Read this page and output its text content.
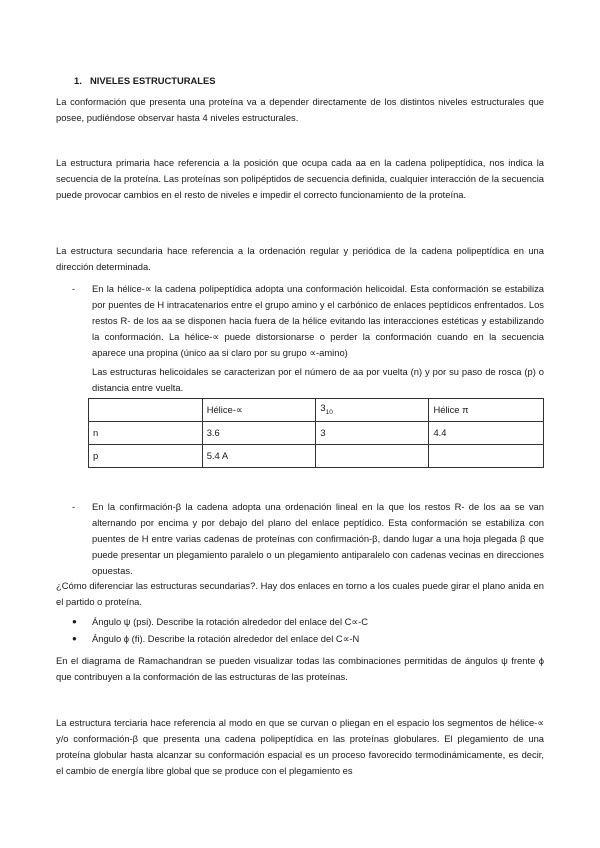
1. NIVELES ESTRUCTURALES

La conformación que presenta una proteína va a depender directamente de los distintos niveles estructurales que posee, pudiéndose observar hasta 4 niveles estructurales.

La estructura primaria hace referencia a la posición que ocupa cada aa en la cadena polipeptídica, nos indica la secuencia de la proteína. Las proteínas son polipéptidos de secuencia definida, cualquier interacción de la secuencia puede provocar cambios en el resto de niveles e impedir el correcto funcionamiento de la proteína.

La estructura secundaria hace referencia a la ordenación regular y periódica de la cadena polipeptídica en una dirección determinada.

- En la hélice-∝ la cadena polipeptídica adopta una conformación helicoidal. Esta conformación se estabiliza por puentes de H intracatenarios entre el grupo amino y el carbónico de enlaces peptídicos enfrentados. Los restos R- de los aa se disponen hacia fuera de la hélice evitando las interacciones estéticas y estabilizando la conformación. La hélice-∝ puede distorsionarse o perder la conformación cuando en la secuencia aparece una propina (único aa si claro por su grupo ∝-amino)

Las estructuras helicoidales se caracterizan por el número de aa por vuelta (n) y por su paso de rosca (p) o distancia entre vuelta.

	Hélice-∝	$3_{10}$	Hélice π
n	3.6	3	4.4
p	5.4 A		
- En la confirmación-β la cadena adopta una ordenación lineal en la que los restos R- de los aa se van alternando por encima y por debajo del plano del enlace peptídico. Esta conformación se estabiliza con puentes de H entre varias cadenas de proteínas con confirmación-β, dando lugar a una hoja plegada β que puede presentar un plegamiento paralelo o un plegamiento antiparalelo con cadenas vecinas en direcciones opuestas.

¿Cómo diferenciar las estructuras secundarias?. Hay dos enlaces en torno a los cuales puede girar el plano anida en el partido o proteína.

● Ángulo ψ (psi). Describe la rotación alrededor del enlace del C∝-C

● Ángulo ϕ (fi). Describe la rotación alrededor del enlace del C∝-N

En el diagrama de Ramachandran se pueden visualizar todas las combinaciones permitidas de ángulos ψ frente ϕ que contribuyen a la conformación de las estructuras de las proteínas.

La estructura terciaria hace referencia al modo en que se curvan o pliegan en el espacio los segmentos de hélice-∝ y/o conformación-β que presenta una cadena polipeptídica en las proteínas globulares. El plegamiento de una proteína globular hasta alcanzar su conformación espacial es un proceso favorecido termodinámicamente, es decir, el cambio de energía libre global que se produce con el plegamiento es
